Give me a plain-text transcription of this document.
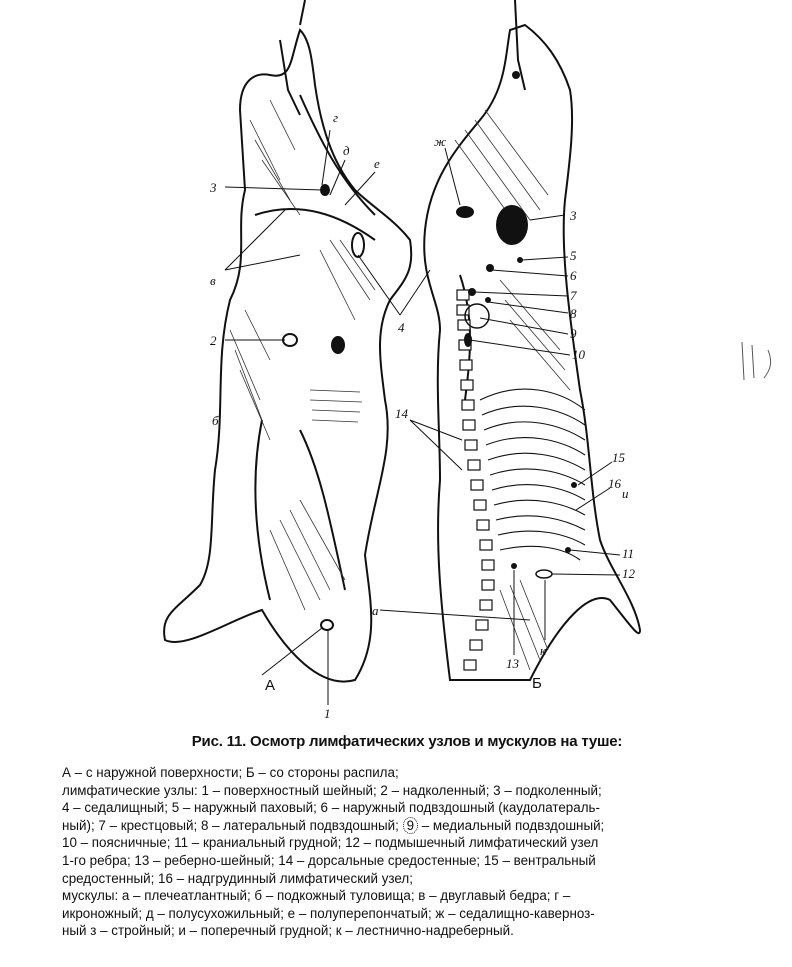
г
д
е
3
в
2
4
б
а
1
А
ж
3
5
6
7
8
9
10
14
15
16
и
11
12
к
13
Б

Рис. 11. Осмотр лимфатических узлов и мускулов на туше:

А – с наружной поверхности; Б – со стороны распила;

лимфатические узлы: 1 – поверхностный шейный; 2 – надколенный; 3 – подколенный;

4 – седалищный; 5 – наружный паховый; 6 – наружный подвздошный (каудолатераль-

ный); 7 – крестцовый; 8 – латеральный подвздошный; 9 – медиальный подвздошный;

10 – поясничные; 11 – краниальный грудной; 12 – подмышечный лимфатический узел

1-го ребра; 13 – реберно-шейный; 14 – дорсальные средостенные; 15 – вентральный

средостенный; 16 – надгрудинный лимфатический узел;

мускулы: а – плечеатлантный; б – подкожный туловища; в – двуглавый бедра; г –

икроножный; д – полусухожильный; е – полуперепончатый; ж – седалищно-каверноз-

ный з – стройный; и – поперечный грудной; к – лестнично-надреберный.
